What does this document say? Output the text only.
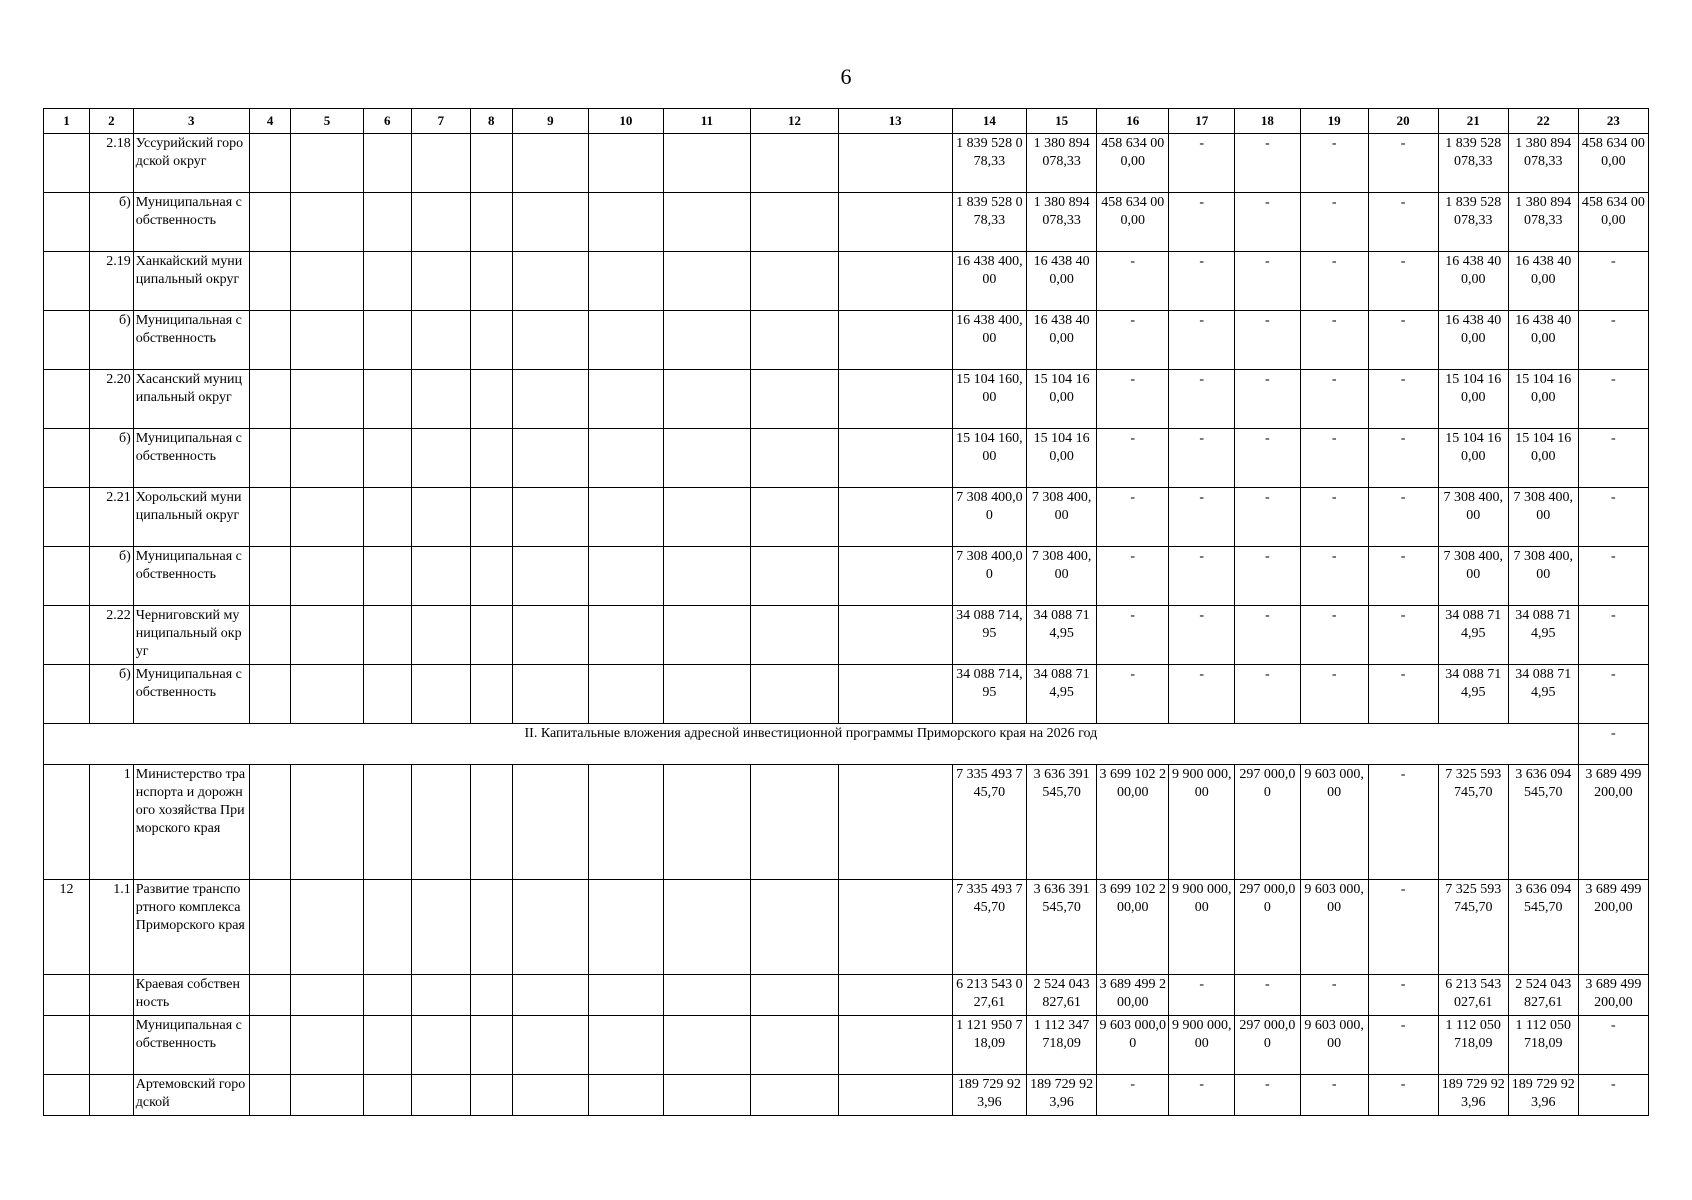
6
1	2	3	4	5	6	7	8	9	10	11	12	13	14	15	16	17	18	19	20	21	22	23
	2.18	Уссурийский городской округ											1 839 528 078,33	1 380 894 078,33	458 634 000,00	-	-	-	-	1 839 528 078,33	1 380 894 078,33	458 634 000,00
	б)	Муниципальная собственность											1 839 528 078,33	1 380 894 078,33	458 634 000,00	-	-	-	-	1 839 528 078,33	1 380 894 078,33	458 634 000,00
	2.19	Ханкайский муниципальный округ											16 438 400,00	16 438 400,00	-	-	-	-	-	16 438 400,00	16 438 400,00	-
	б)	Муниципальная собственность											16 438 400,00	16 438 400,00	-	-	-	-	-	16 438 400,00	16 438 400,00	-
	2.20	Хасанский муниципальный округ											15 104 160,00	15 104 160,00	-	-	-	-	-	15 104 160,00	15 104 160,00	-
	б)	Муниципальная собственность											15 104 160,00	15 104 160,00	-	-	-	-	-	15 104 160,00	15 104 160,00	-
	2.21	Хорольский муниципальный округ											7 308 400,00	7 308 400,00	-	-	-	-	-	7 308 400,00	7 308 400,00	-
	б)	Муниципальная собственность											7 308 400,00	7 308 400,00	-	-	-	-	-	7 308 400,00	7 308 400,00	-
	2.22	Черниговский муниципальный округ											34 088 714,95	34 088 714,95	-	-	-	-	-	34 088 714,95	34 088 714,95	-
	б)	Муниципальная собственность											34 088 714,95	34 088 714,95	-	-	-	-	-	34 088 714,95	34 088 714,95	-
II. Капитальные вложения адресной инвестиционной программы Приморского края на 2026 год																						-
	1	Министерство транспорта и дорожного хозяйства Приморского края											7 335 493 745,70	3 636 391 545,70	3 699 102 200,00	9 900 000,00	297 000,00	9 603 000,00	-	7 325 593 745,70	3 636 094 545,70	3 689 499 200,00
12	1.1	Развитие транспортного комплекса Приморского края											7 335 493 745,70	3 636 391 545,70	3 699 102 200,00	9 900 000,00	297 000,00	9 603 000,00	-	7 325 593 745,70	3 636 094 545,70	3 689 499 200,00
		Краевая собственность											6 213 543 027,61	2 524 043 827,61	3 689 499 200,00	-	-	-	-	6 213 543 027,61	2 524 043 827,61	3 689 499 200,00
		Муниципальная собственность											1 121 950 718,09	1 112 347 718,09	9 603 000,00	9 900 000,00	297 000,00	9 603 000,00	-	1 112 050 718,09	1 112 050 718,09	-
		Артемовский городской											189 729 923,96	189 729 923,96	-	-	-	-	-	189 729 923,96	189 729 923,96	-
